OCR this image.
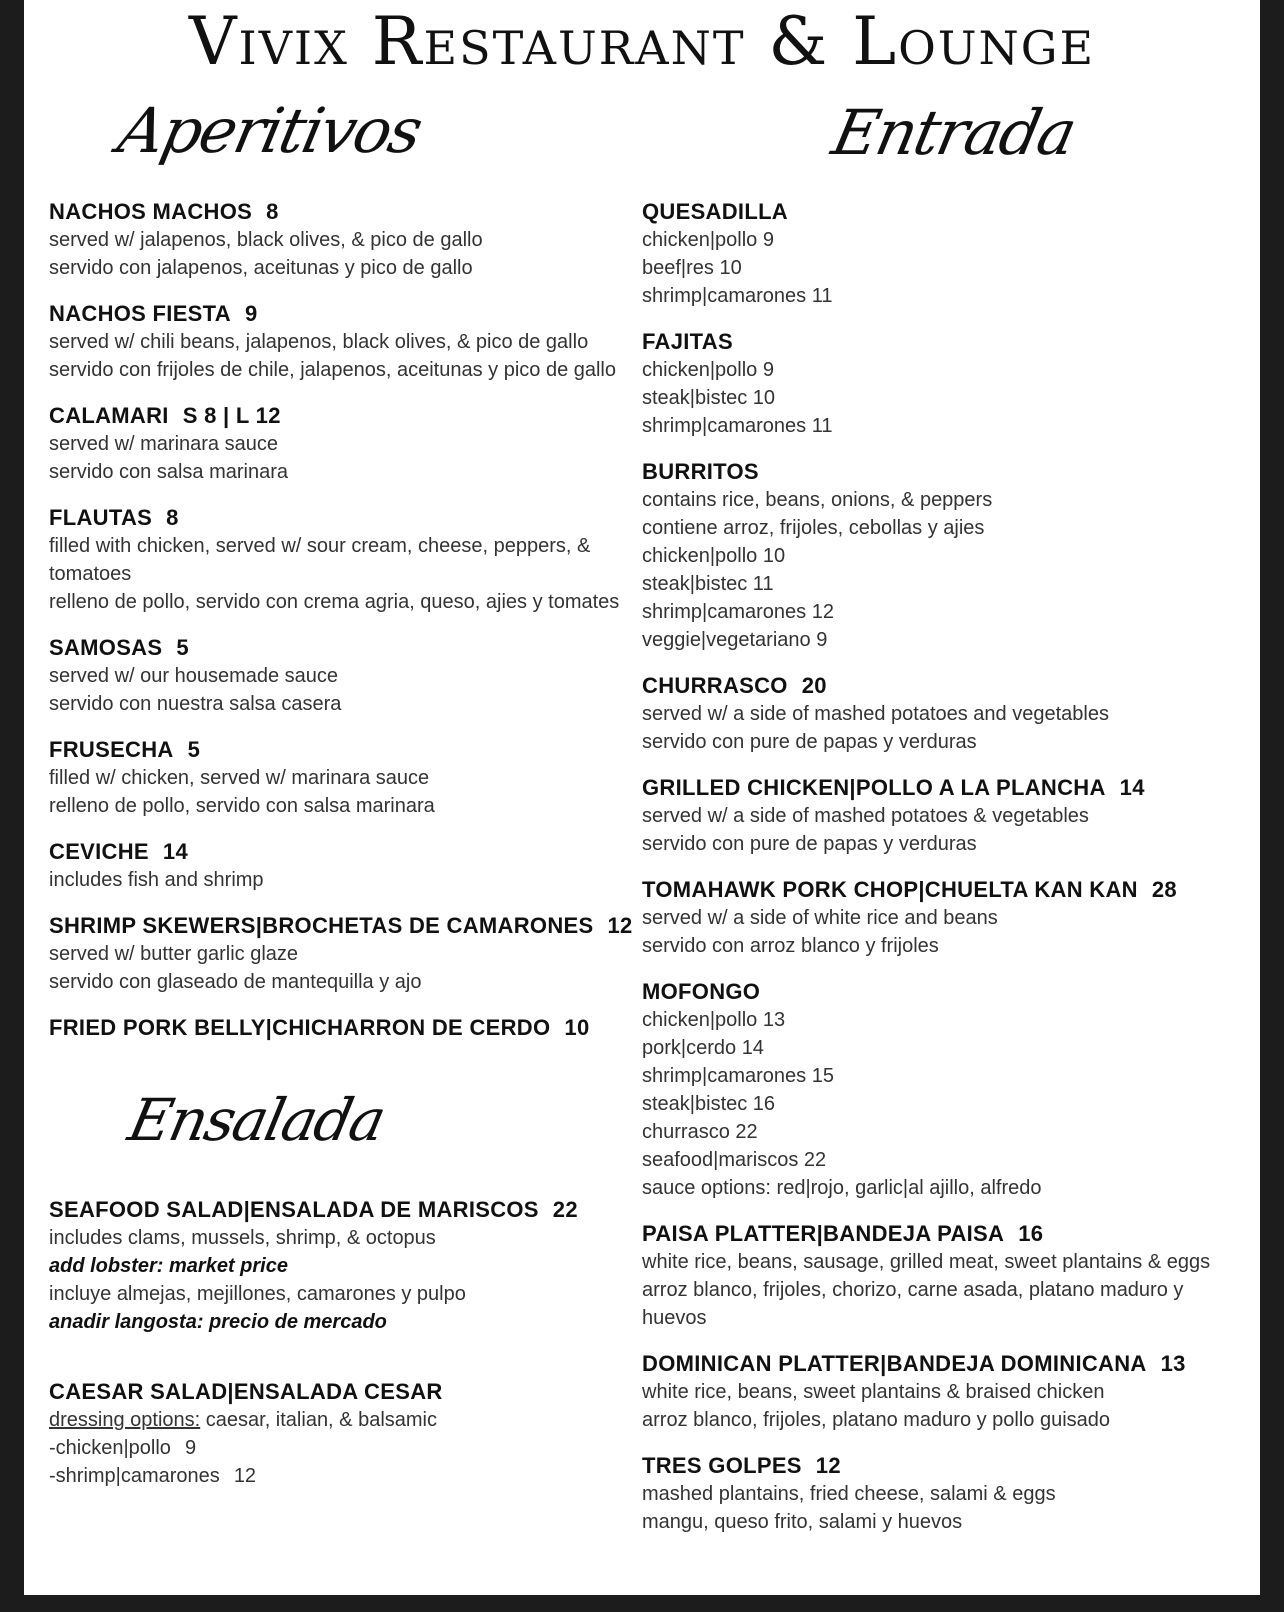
Vivix Restaurant & Lounge
Aperitivos	Entrada
Ensalada
NACHOS MACHOS 8
served w/ jalapenos, black olives, & pico de gallo
servido con jalapenos, aceitunas y pico de gallo
NACHOS FIESTA 9
served w/ chili beans, jalapenos, black olives, & pico de gallo
servido con frijoles de chile, jalapenos, aceitunas y pico de gallo
CALAMARI S 8 | L 12
served w/ marinara sauce
servido con salsa marinara
FLAUTAS 8
filled with chicken, served w/ sour cream, cheese, peppers, & tomatoes
relleno de pollo, servido con crema agria, queso, ajies y tomates
SAMOSAS 5
served w/ our housemade sauce
servido con nuestra salsa casera
FRUSECHA 5
filled w/ chicken, served w/ marinara sauce
relleno de pollo, servido con salsa marinara
CEVICHE 14
includes fish and shrimp
SHRIMP SKEWERS|BROCHETAS DE CAMARONES 12
served w/ butter garlic glaze
servido con glaseado de mantequilla y ajo
FRIED PORK BELLY|CHICHARRON DE CERDO 10
SEAFOOD SALAD|ENSALADA DE MARISCOS 22
includes clams, mussels, shrimp, & octopus
add lobster: market price
incluye almejas, mejillones, camarones y pulpo
anadir langosta: precio de mercado
CAESAR SALAD|ENSALADA CESAR
dressing options: caesar, italian, & balsamic
-chicken|pollo 9
-shrimp|camarones 12
QUESADILLA
chicken|pollo 9
beef|res 10
shrimp|camarones 11
FAJITAS
chicken|pollo 9
steak|bistec 10
shrimp|camarones 11
BURRITOS
contains rice, beans, onions, & peppers
contiene arroz, frijoles, cebollas y ajies
chicken|pollo 10
steak|bistec 11
shrimp|camarones 12
veggie|vegetariano 9
CHURRASCO 20
served w/ a side of mashed potatoes and vegetables
servido con pure de papas y verduras
GRILLED CHICKEN|POLLO A LA PLANCHA 14
served w/ a side of mashed potatoes & vegetables
servido con pure de papas y verduras
TOMAHAWK PORK CHOP|CHUELTA KAN KAN 28
served w/ a side of white rice and beans
servido con arroz blanco y frijoles
MOFONGO
chicken|pollo 13
pork|cerdo 14
shrimp|camarones 15
steak|bistec 16
churrasco 22
seafood|mariscos 22
sauce options: red|rojo, garlic|al ajillo, alfredo
PAISA PLATTER|BANDEJA PAISA 16
white rice, beans, sausage, grilled meat, sweet plantains & eggs
arroz blanco, frijoles, chorizo, carne asada, platano maduro y huevos
DOMINICAN PLATTER|BANDEJA DOMINICANA 13
white rice, beans, sweet plantains & braised chicken
arroz blanco, frijoles, platano maduro y pollo guisado
TRES GOLPES 12
mashed plantains, fried cheese, salami & eggs
mangu, queso frito, salami y huevos
